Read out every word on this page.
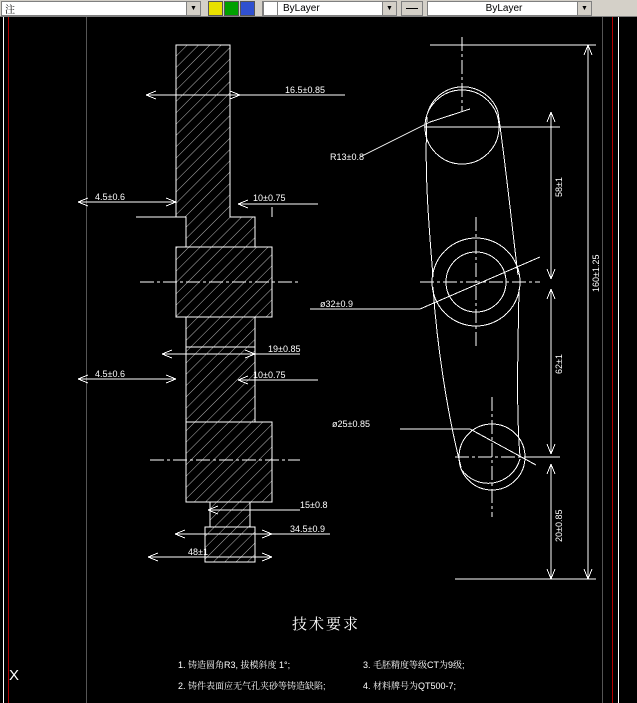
注	▼	ByLayer	▼	ByLayer	▼
X
16.5±0.85
4.5±0.6	10±0.75
19±0.85
4.5±0.6	10±0.75
15±0.8
34.5±0.9
48±1
R13±0.8
ø32±0.9
ø25±0.85
58±1
62±1
20±0.85
160±1.25
技术要求
1. 铸造圆角R3, 拔模斜度 1°;
2. 铸件表面应无气孔夹砂等铸造缺陷;
3. 毛胚精度等级CT为9级;
4. 材料牌号为QT500-7;
